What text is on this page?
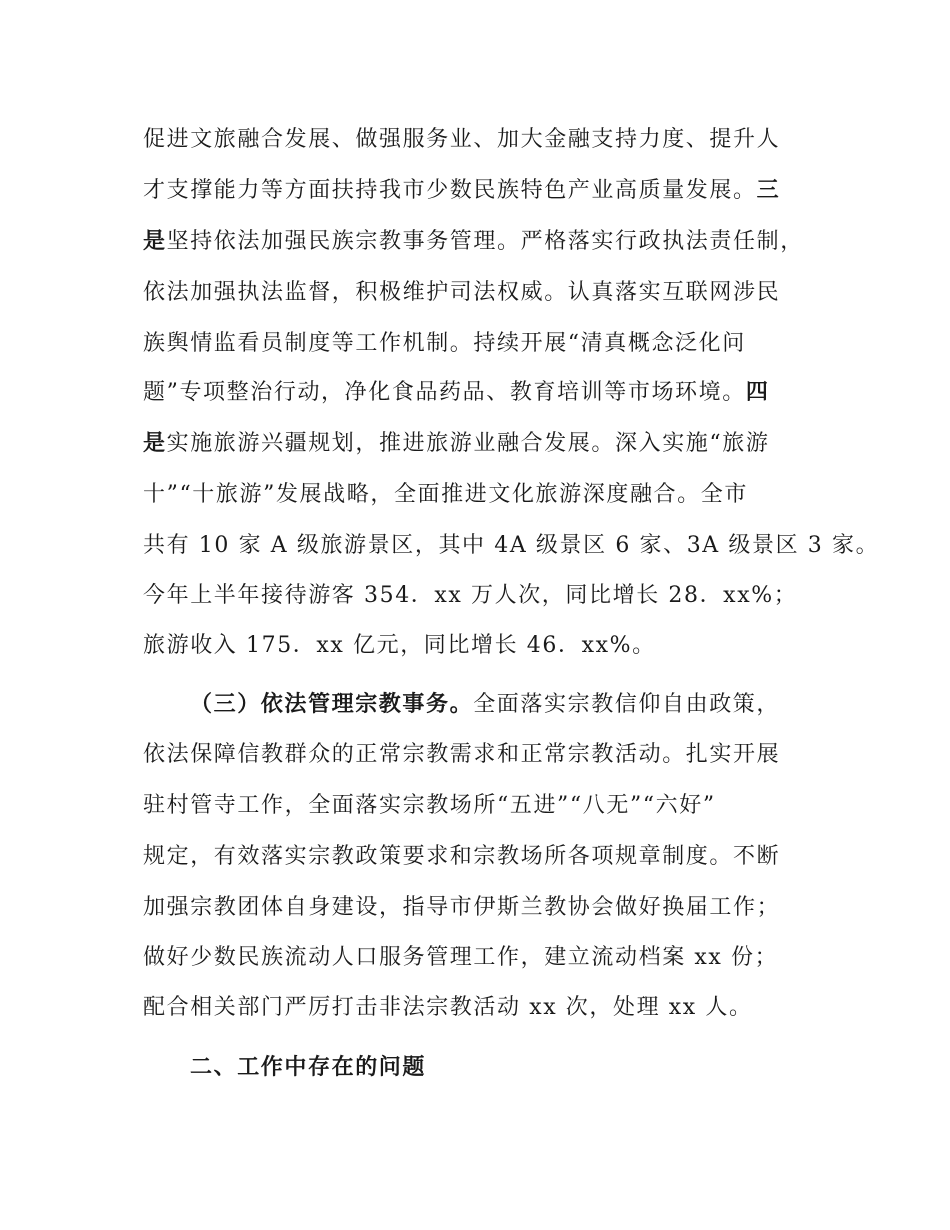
促进文旅融合发展、做强服务业、加大金融支持力度、提升人
才支撑能力等方面扶持我市少数民族特色产业高质量发展。三
是坚持依法加强民族宗教事务管理。严格落实行政执法责任制，
依法加强执法监督，积极维护司法权威。认真落实互联网涉民
族舆情监看员制度等工作机制。持续开展“清真概念泛化问
题”专项整治行动，净化食品药品、教育培训等市场环境。四
是实施旅游兴疆规划，推进旅游业融合发展。深入实施“旅游
十”“十旅游”发展战略，全面推进文化旅游深度融合。全市
共有 10 家 A 级旅游景区，其中 4A 级景区 6 家、3A 级景区 3 家。
今年上半年接待游客 354．xx 万人次，同比增长 28．xx%；
旅游收入 175．xx 亿元，同比增长 46．xx%。
（三）依法管理宗教事务。全面落实宗教信仰自由政策，
依法保障信教群众的正常宗教需求和正常宗教活动。扎实开展
驻村管寺工作，全面落实宗教场所“五进”“八无”“六好”
规定，有效落实宗教政策要求和宗教场所各项规章制度。不断
加强宗教团体自身建设，指导市伊斯兰教协会做好换届工作；
做好少数民族流动人口服务管理工作，建立流动档案 xx 份；
配合相关部门严厉打击非法宗教活动 xx 次，处理 xx 人。
二、工作中存在的问题
